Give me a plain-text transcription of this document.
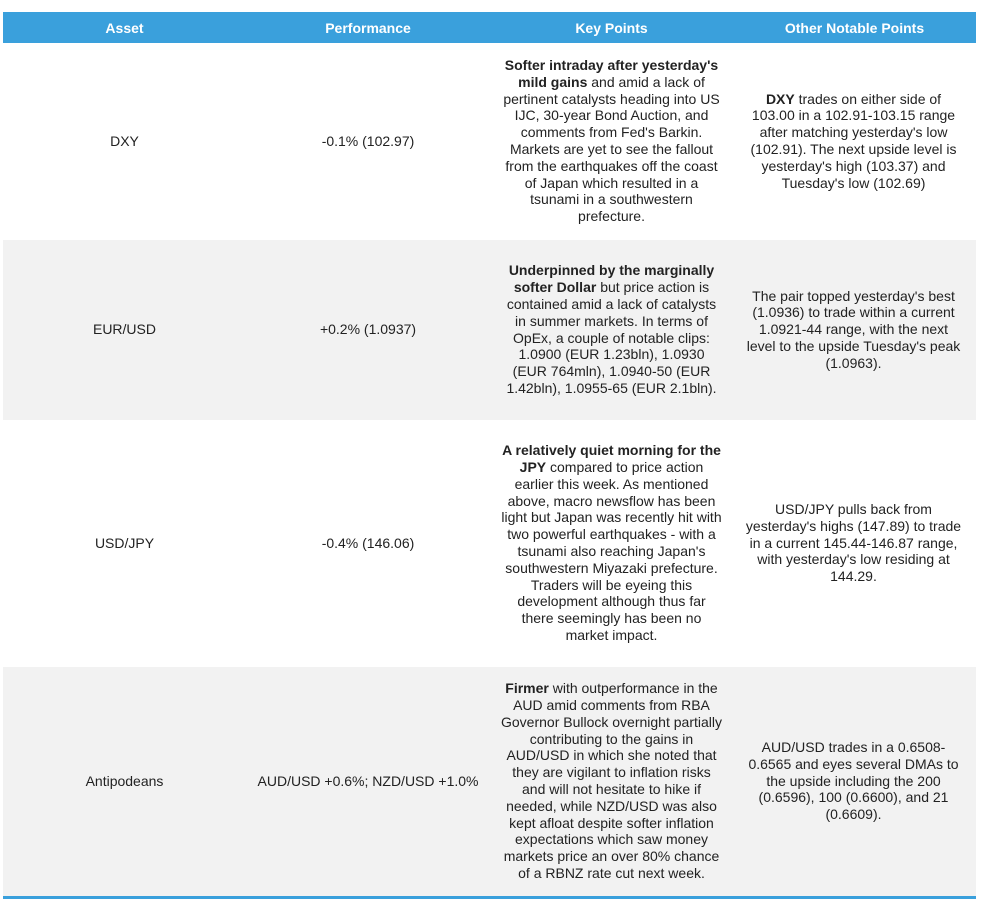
Asset	Performance	Key Points	Other Notable Points
DXY	-0.1% (102.97)	Softer intraday after yesterday's mild gains and amid a lack of pertinent catalysts heading into US IJC, 30-year Bond Auction, and comments from Fed's Barkin. Markets are yet to see the fallout from the earthquakes off the coast of Japan which resulted in a tsunami in a southwestern prefecture.	DXY trades on either side of 103.00 in a 102.91-103.15 range after matching yesterday's low (102.91). The next upside level is yesterday's high (103.37) and Tuesday's low (102.69)
EUR/USD	+0.2% (1.0937)	Underpinned by the marginally softer Dollar but price action is contained amid a lack of catalysts in summer markets. In terms of OpEx, a couple of notable clips: 1.0900 (EUR 1.23bln), 1.0930 (EUR 764mln), 1.0940-50 (EUR 1.42bln), 1.0955-65 (EUR 2.1bln).	The pair topped yesterday's best (1.0936) to trade within a current 1.0921-44 range, with the next level to the upside Tuesday's peak (1.0963).
USD/JPY	-0.4% (146.06)	A relatively quiet morning for the JPY compared to price action earlier this week. As mentioned above, macro newsflow has been light but Japan was recently hit with two powerful earthquakes - with a tsunami also reaching Japan's southwestern Miyazaki prefecture. Traders will be eyeing this development although thus far there seemingly has been no market impact.	USD/JPY pulls back from yesterday's highs (147.89) to trade in a current 145.44-146.87 range, with yesterday's low residing at 144.29.
Antipodeans	AUD/USD +0.6%; NZD/USD +1.0%	Firmer with outperformance in the AUD amid comments from RBA Governor Bullock overnight partially contributing to the gains in AUD/USD in which she noted that they are vigilant to inflation risks and will not hesitate to hike if needed, while NZD/USD was also kept afloat despite softer inflation expectations which saw money markets price an over 80% chance of a RBNZ rate cut next week.	AUD/USD trades in a 0.6508-0.6565 and eyes several DMAs to the upside including the 200 (0.6596), 100 (0.6600), and 21 (0.6609).
